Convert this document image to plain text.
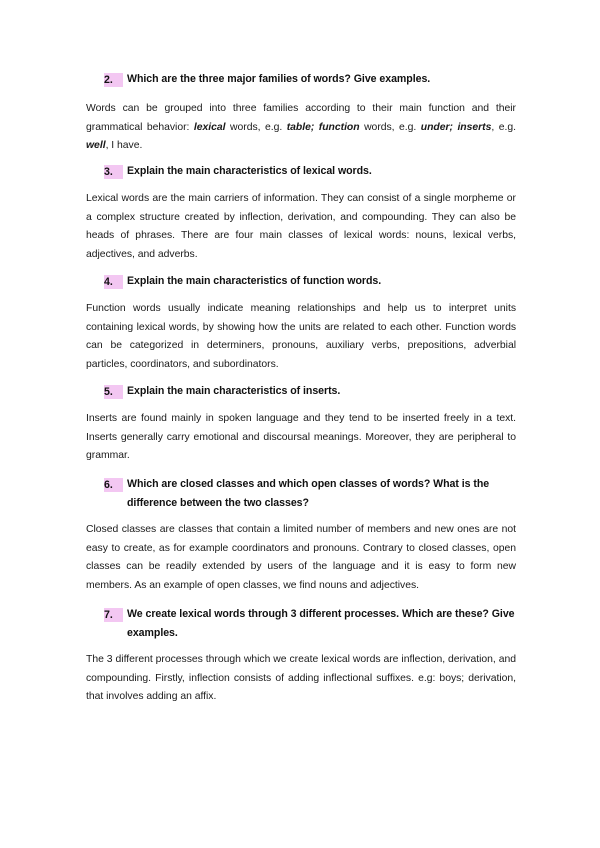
2.	Which are the three major families of words? Give examples.

Words can be grouped into three families according to their main function and their grammatical behavior: lexical words, e.g. table; function words, e.g. under; inserts, e.g. well, I have.

3.	Explain the main characteristics of lexical words.

Lexical words are the main carriers of information. They can consist of a single morpheme or a complex structure created by inflection, derivation, and compounding. They can also be heads of phrases. There are four main classes of lexical words: nouns, lexical verbs, adjectives, and adverbs.

4.	Explain the main characteristics of function words.

Function words usually indicate meaning relationships and help us to interpret units containing lexical words, by showing how the units are related to each other. Function words can be categorized in determiners, pronouns, auxiliary verbs, prepositions, adverbial particles, coordinators, and subordinators.

5.	Explain the main characteristics of inserts.

Inserts are found mainly in spoken language and they tend to be inserted freely in a text. Inserts generally carry emotional and discoursal meanings. Moreover, they are peripheral to grammar.

6.	Which are closed classes and which open classes of words? What is the difference between the two classes?

Closed classes are classes that contain a limited number of members and new ones are not easy to create, as for example coordinators and pronouns. Contrary to closed classes, open classes can be readily extended by users of the language and it is easy to form new members. As an example of open classes, we find nouns and adjectives.

7.	We create lexical words through 3 different processes. Which are these? Give examples.

The 3 different processes through which we create lexical words are inflection, derivation, and compounding. Firstly, inflection consists of adding inflectional suffixes. e.g: boys; derivation, that involves adding an affix.
